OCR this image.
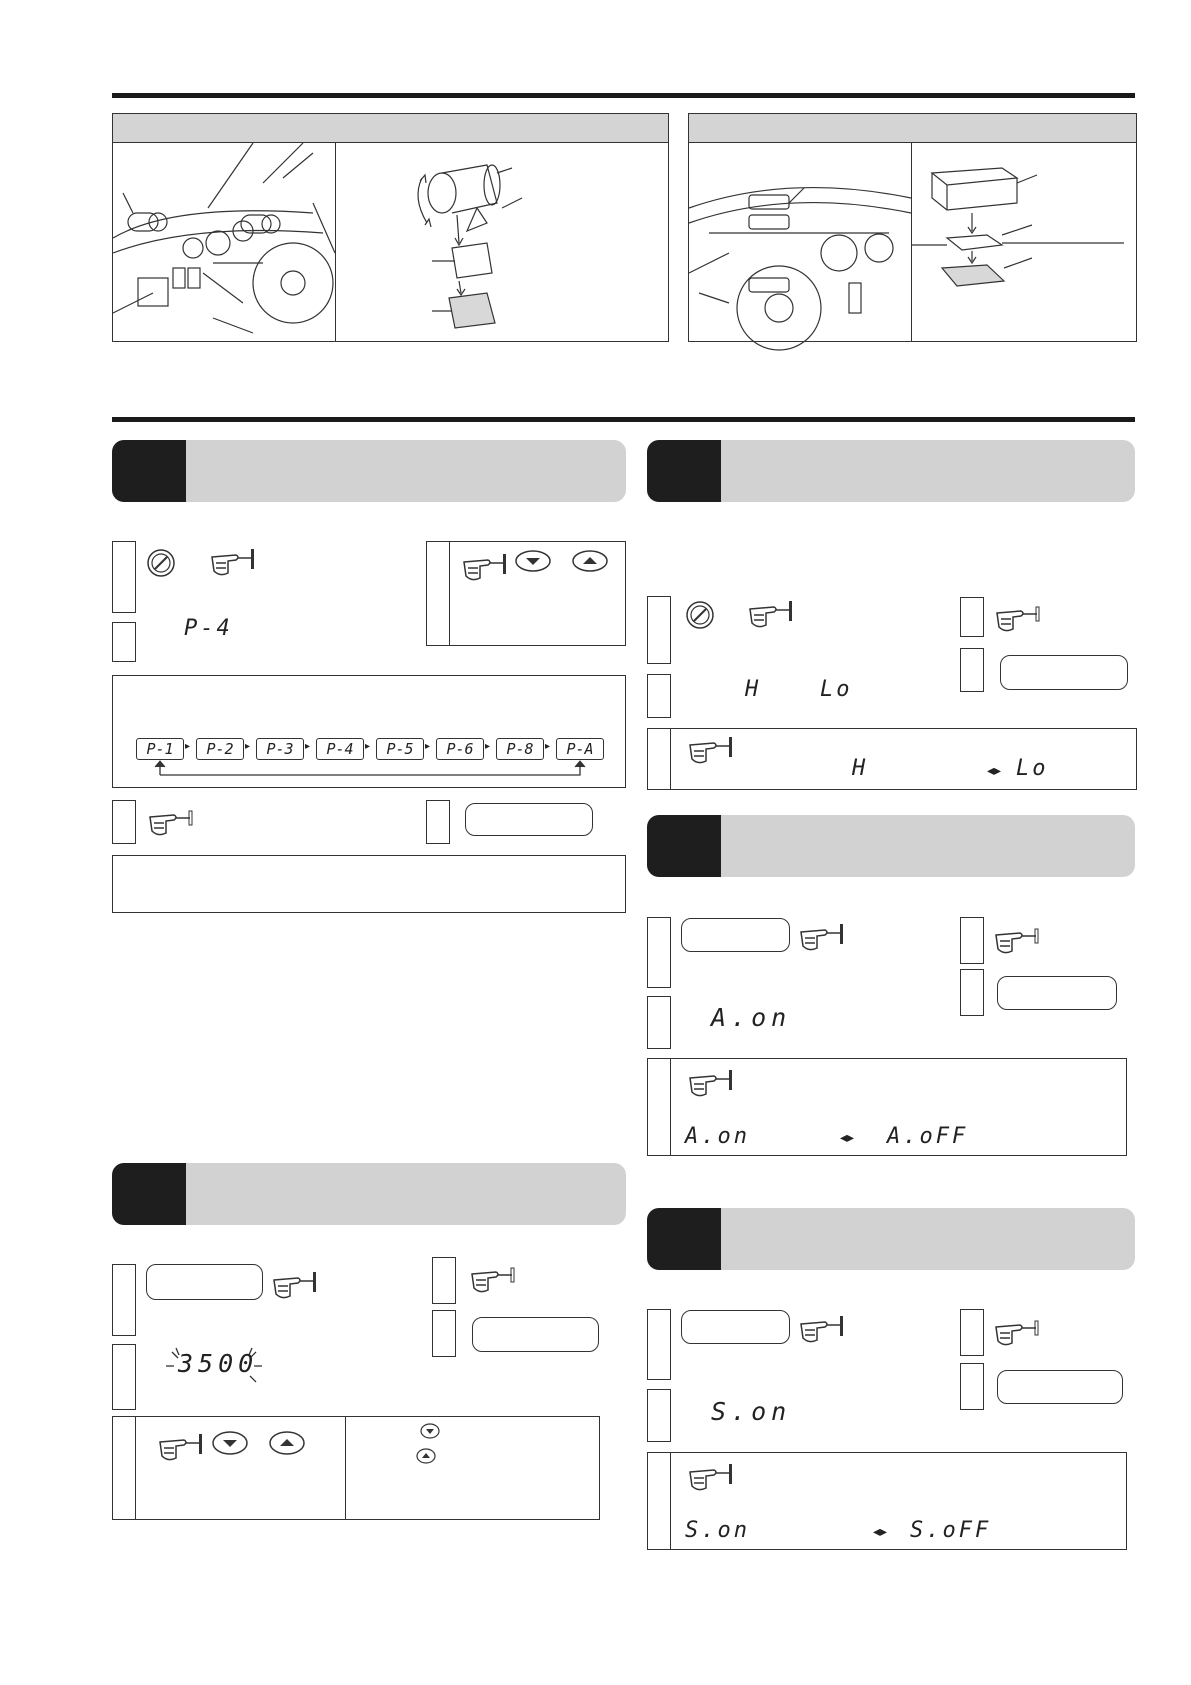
P-4
P-1	▸	P-2	▸	P-3	▸	P-4	▸	P-5	▸	P-6	▸	P-8	▸	P-A
H	Lo
H	◂▸ Lo
A.on
A.on	◂▸ A.oFF
3500
S.on
S.on	◂▸ S.oFF
